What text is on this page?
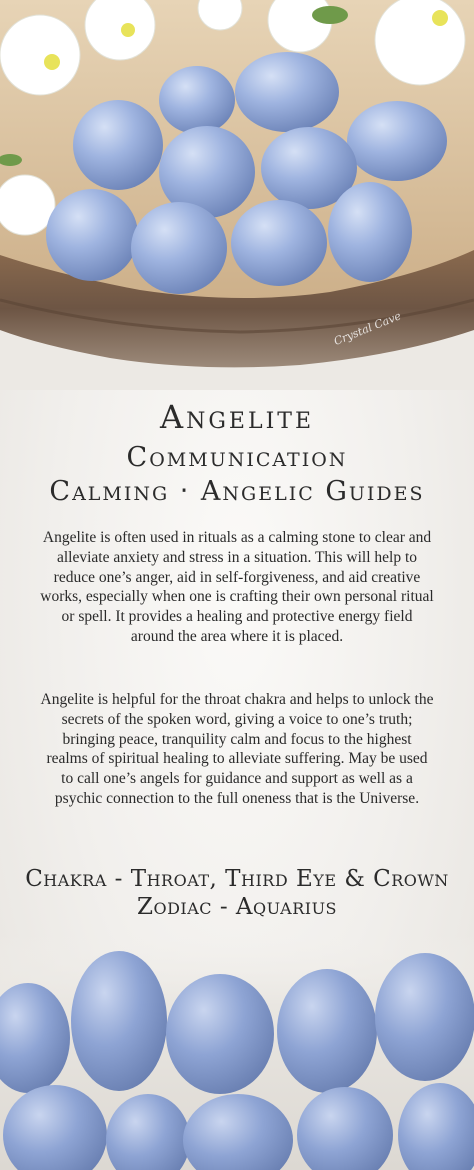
Crystal Cave
Angelite
Communication
Calming ‧ Angelic Guides
Angelite is often used in rituals as a calming stone to clear and alleviate anxiety and stress in a situation. This will help to reduce one’s anger, aid in self-forgiveness, and aid creative works, especially when one is crafting their own personal ritual or spell. It provides a healing and protective energy field around the area where it is placed.
Angelite is helpful for the throat chakra and helps to unlock the secrets of the spoken word, giving a voice to one’s truth; bringing peace, tranquility calm and focus to the highest realms of spiritual healing to alleviate suffering. May be used to call one’s angels for guidance and support as well as a psychic connection to the full oneness that is the Universe.
Chakra - Throat, Third Eye & Crown
Zodiac - Aquarius
